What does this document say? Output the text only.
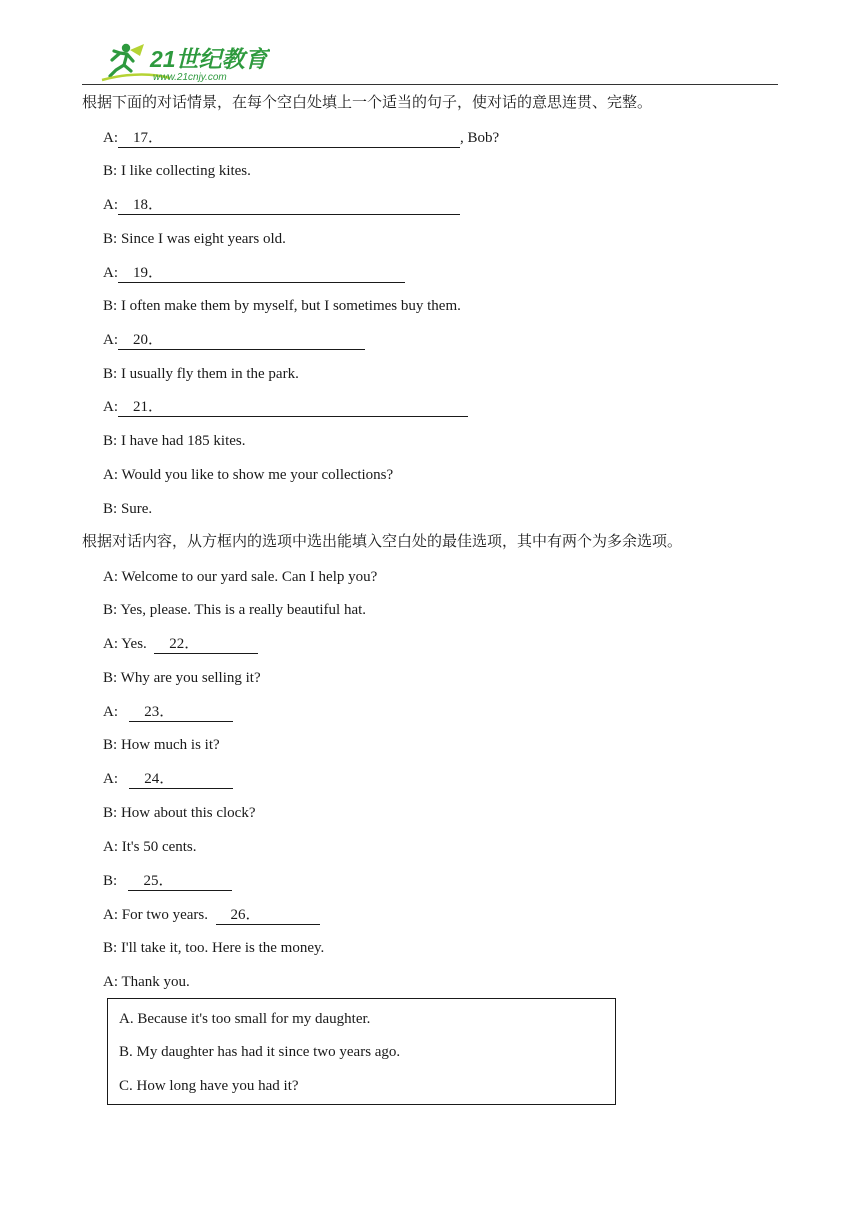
21世纪教育
www.21cnjy.com
根据下面的对话情景，在每个空白处填上一个适当的句子，使对话的意思连贯、完整。
A: 17．	, Bob?
B: I like collecting kites.
A: 18．
B: Since I was eight years old.
A: 19．
B: I often make them by myself, but I sometimes buy them.
A: 20．
B: I usually fly them in the park.
A: 21．
B: I have had 185 kites.
A: Would you like to show me your collections?
B: Sure.
根据对话内容，从方框内的选项中选出能填入空白处的最佳选项，其中有两个为多余选项。
A: Welcome to our yard sale. Can I help you?
B: Yes, please. This is a really beautiful hat.
A: Yes. 22．
B: Why are you selling it?
A: 23．
B: How much is it?
A: 24．
B: How about this clock?
A: It's 50 cents.
B: 25．
A: For two years. 26．
B: I'll take it, too. Here is the money.
A: Thank you.
A. Because it's too small for my daughter.
B. My daughter has had it since two years ago.
C. How long have you had it?
